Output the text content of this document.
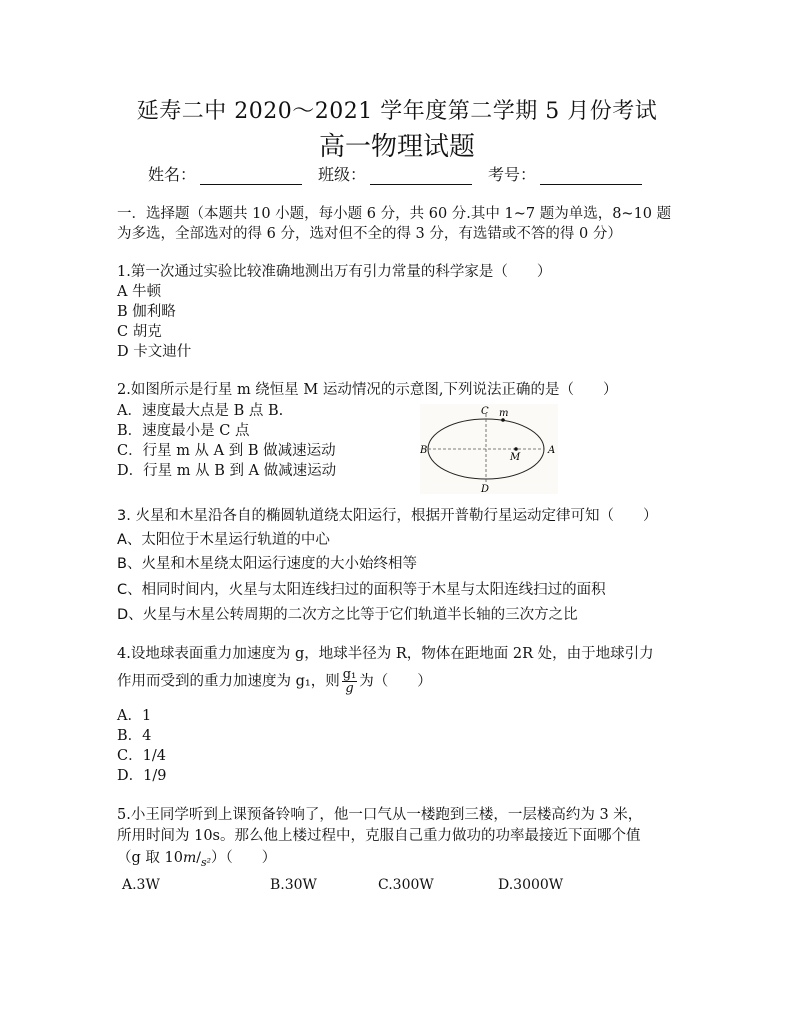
延寿二中 2020～2021 学年度第二学期 5 月份考试
高一物理试题
姓名：	班级：	考号：
一．选择题（本题共 10 小题，每小题 6 分，共 60 分.其中 1~7 题为单选，8~10 题
为多选，全部选对的得 6 分，选对但不全的得 3 分，有选错或不答的得 0 分）
1.第一次通过实验比较准确地测出万有引力常量的科学家是（　　）
A 牛顿
B 伽利略
C 胡克
D 卡文迪什
2.如图所示是行星 m 绕恒星 M 运动情况的示意图,下列说法正确的是（　　）
A．速度最大点是 B 点 B.
B．速度最小是 C 点
C．行星 m 从 A 到 B 做减速运动
D．行星 m 从 B 到 A 做减速运动
C m
B	A
M
D
3. 火星和木星沿各自的椭圆轨道绕太阳运行，根据开普勒行星运动定律可知（　　）
A、太阳位于木星运行轨道的中心
B、火星和木星绕太阳运行速度的大小始终相等
C、相同时间内，火星与太阳连线扫过的面积等于木星与太阳连线扫过的面积
D、火星与木星公转周期的二次方之比等于它们轨道半长轴的三次方之比
4.设地球表面重力加速度为 g，地球半径为 R，物体在距地面 2R 处，由于地球引力
作用而受到的重力加速度为 g₁，则 $\frac{\text{g₁}}{g}$ 为（　　）
A．1
B．4
C．1/4
D．1/9
5.小王同学听到上课预备铃响了，他一口气从一楼跑到三楼，一层楼高约为 3 米，
所用时间为 10s。那么他上楼过程中，克服自己重力做功的功率最接近下面哪个值
（g 取 $10m/_{s^2}$）（　　）
A.3W	B.30W	C.300W	D.3000W
